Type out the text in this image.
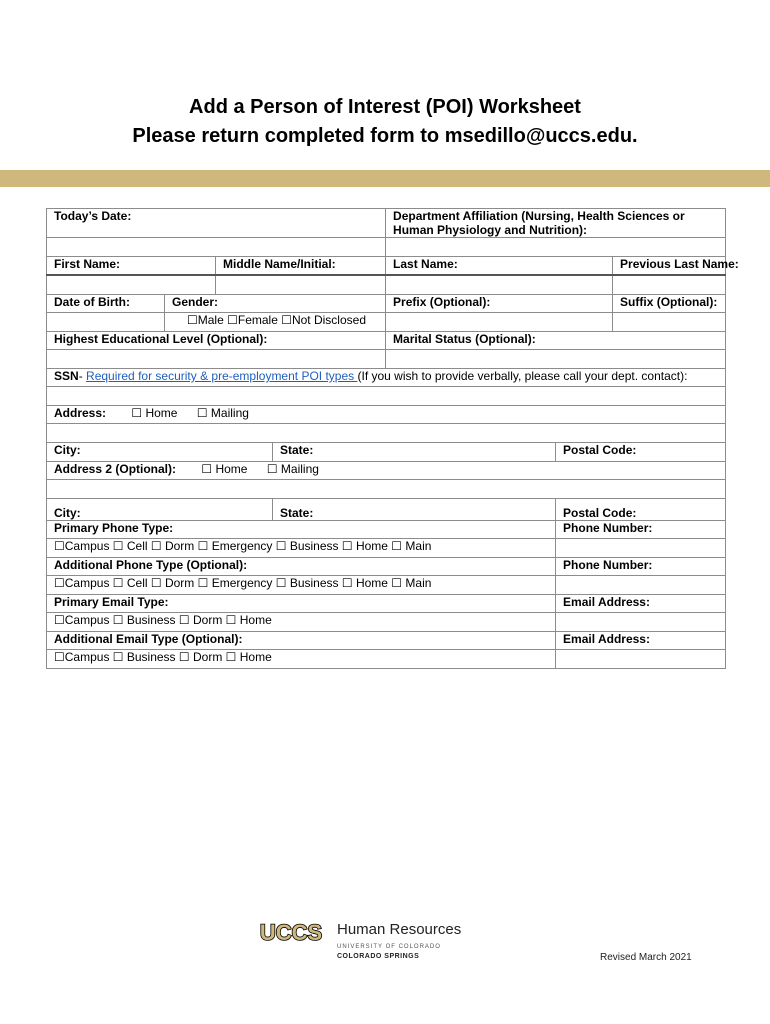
Add a Person of Interest (POI) Worksheet
Please return completed form to msedillo@uccs.edu.
Today’s Date:				Department Affiliation (Nursing, Health Sciences or Human Physiology and Nutrition):		

First Name:		Middle Name/Initial:		Last Name:		Previous Last Name:

Date of Birth:	Gender:			Prefix (Optional):		Suffix (Optional):
	☐Male ☐Female ☐Not Disclosed					
Highest Educational Level (Optional):				Marital Status (Optional):		

SSN- Required for security & pre-employment POI types (If you wish to provide verbally, please call your dept. contact):						

Address: ☐ Home ☐ Mailing						

City:			State:		Postal Code:	
Address 2 (Optional): ☐ Home ☐ Mailing						

City:			State:		Postal Code:	
Primary Phone Type:					Phone Number:	
☐Campus ☐ Cell ☐ Dorm ☐ Emergency ☐ Business ☐ Home ☐ Main						
Additional Phone Type (Optional):					Phone Number:	
☐Campus ☐ Cell ☐ Dorm ☐ Emergency ☐ Business ☐ Home ☐ Main						
Primary Email Type:					Email Address:	
☐Campus ☐ Business ☐ Dorm ☐ Home						
Additional Email Type (Optional):					Email Address:	
☐Campus ☐ Business ☐ Dorm ☐ Home						
UCCS Human Resources
UNIVERSITY OF COLORADO
COLORADO SPRINGS	Revised March 2021
